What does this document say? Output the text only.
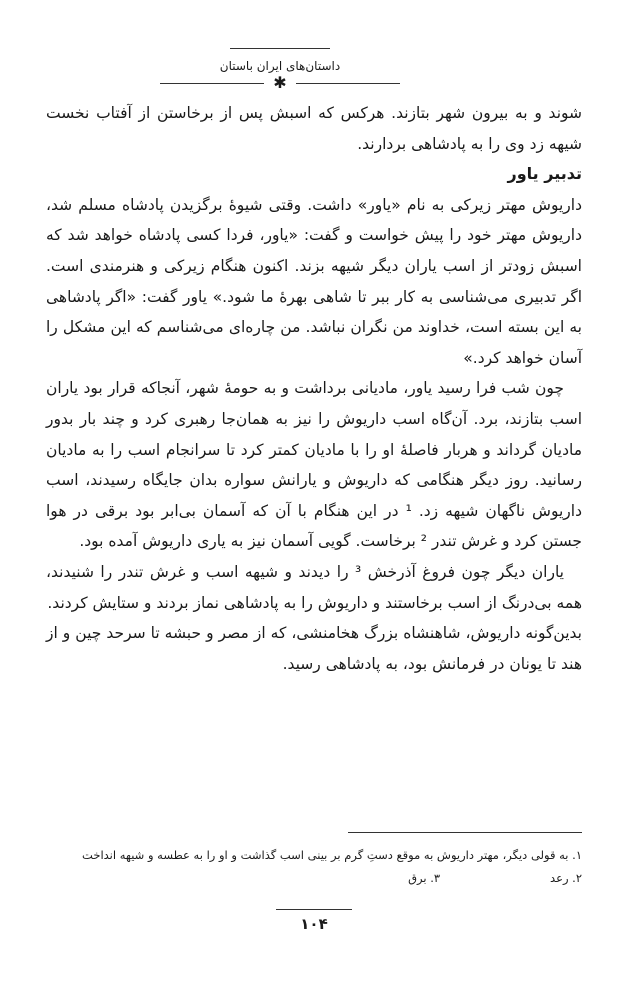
داستان‌های ایران باستان
✱

شوند و به بیرون شهر بتازند. هرکس که اسبش پس از برخاستن از آفتاب نخست شیهه زد وی را به پادشاهی بردارند.

تدبیر یاور

داریوش مهتر زیرکی به نام «یاور» داشت. وقتی شیوهٔ برگزیدن پادشاه مسلم شد، داریوش مهتر خود را پیش خواست و گفت: «یاور، فردا کسی پادشاه خواهد شد که اسبش زودتر از اسب یاران دیگر شیهه بزند. اکنون هنگام زیرکی و هنرمندی است. اگر تدبیری می‌شناسی به کار ببر تا شاهی بهرهٔ ما شود.» یاور گفت: «اگر پادشاهی به این بسته است، خداوند من نگران نباشد. من چاره‌ای می‌شناسم که این مشکل را آسان خواهد کرد.»

چون شب فرا رسید یاور، مادیانی برداشت و به حومهٔ شهر، آنجاکه قرار بود یاران اسب بتازند، برد. آن‌گاه اسب داریوش را نیز به همان‌جا رهبری کرد و چند بار بدور مادیان گرداند و هربار فاصلهٔ او را با مادیان کمتر کرد تا سرانجام اسب را به مادیان رسانید. روز دیگر هنگامی که داریوش و یارانش سواره بدان جایگاه رسیدند، اسب داریوش ناگهان شیهه زد. ¹ در این هنگام با آن که آسمان بی‌ابر بود برقی در هوا جستن کرد و غرش تندر ² برخاست. گویی آسمان نیز به یاری داریوش آمده بود.

یاران دیگر چون فروغ آذرخش ³ را دیدند و شیهه اسب و غرش تندر را شنیدند، همه بی‌درنگ از اسب برخاستند و داریوش را به پادشاهی نماز بردند و ستایش کردند.

بدین‌گونه داریوش، شاهنشاه بزرگ هخامنشی، که از مصر و حبشه تا سرحد چین و از هند تا یونان در فرمانش بود، به پادشاهی رسید.

۱. به قولی دیگر، مهتر داریوش به موقع دستِ گرم بر بینی اسب گذاشت و او را به عطسه و شیهه انداخت
۲. رعد۳. برق
۱۰۴
